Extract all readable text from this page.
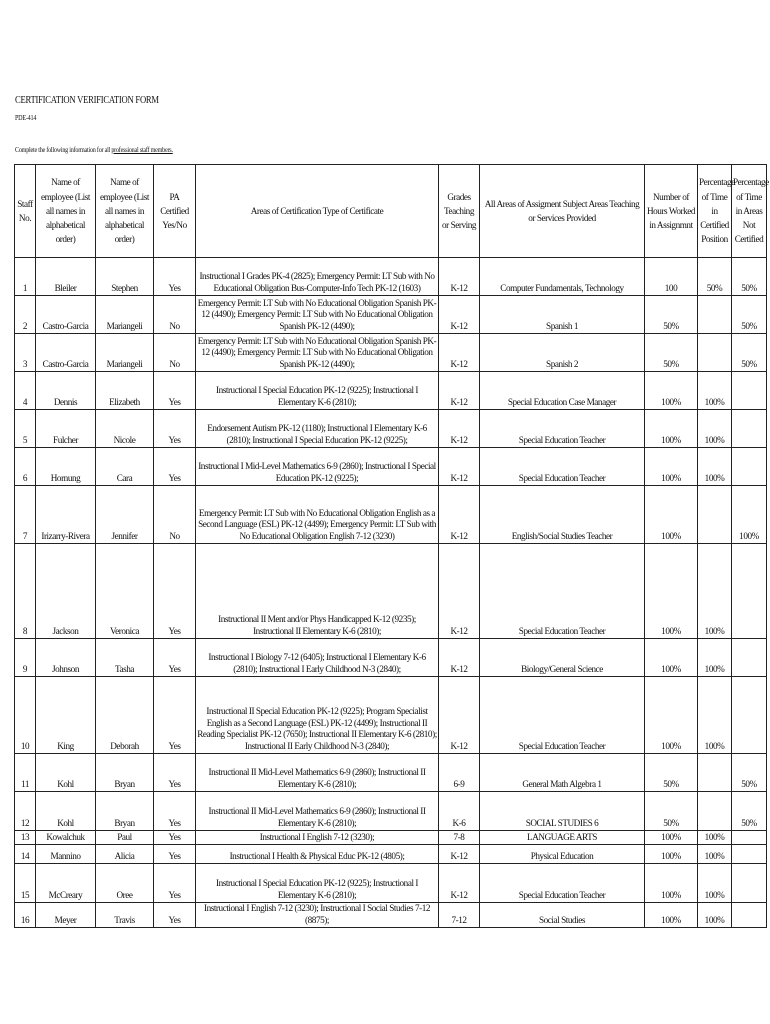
CERTIFICATION VERIFICATION FORM
PDE-414
Complete the following information for all professional staff members.
Staff No.	Name of employee (List all names in alphabetical order)	Name of employee (List all names in alphabetical order)	PA Certified Yes/No	Areas of Certification Type of Certificate	Grades Teaching or Serving	All Areas of Assigment Subject Areas Teaching or Services Provided	Number of Hours Worked in Assignmnt	Percentage of Time in Certified Position	Percentage of Time in Areas Not Certified
1	Bleiler	Stephen	Yes	Instructional I Grades PK-4 (2825); Emergency Permit: LT Sub with No Educational Obligation Bus-Computer-Info Tech PK-12 (1603)	K-12	Computer Fundamentals, Technology	100	50%	50%
2	Castro-Garcia	Mariangeli	No	Emergency Permit: LT Sub with No Educational Obligation Spanish PK-12 (4490); Emergency Permit: LT Sub with No Educational Obligation Spanish PK-12 (4490);	K-12	Spanish 1	50%		50%
3	Castro-Garcia	Mariangeli	No	Emergency Permit: LT Sub with No Educational Obligation Spanish PK-12 (4490); Emergency Permit: LT Sub with No Educational Obligation Spanish PK-12 (4490);	K-12	Spanish 2	50%		50%
4	Dennis	Elizabeth	Yes	Instructional I Special Education PK-12 (9225); Instructional I Elementary K-6 (2810);	K-12	Special Education Case Manager	100%	100%	
5	Fulcher	Nicole	Yes	Endorsement Autism PK-12 (1180); Instructional I Elementary K-6 (2810); Instructional I Special Education PK-12 (9225);	K-12	Special Education Teacher	100%	100%	
6	Hornung	Cara	Yes	Instructional I Mid-Level Mathematics 6-9 (2860); Instructional I Special Education PK-12 (9225);	K-12	Special Education Teacher	100%	100%	
7	Irizarry-Rivera	Jennifer	No	Emergency Permit: LT Sub with No Educational Obligation English as a Second Language (ESL) PK-12 (4499); Emergency Permit: LT Sub with No Educational Obligation English 7-12 (3230)	K-12	English/Social Studies Teacher	100%		100%
8	Jackson	Veronica	Yes	Instructional II Ment and/or Phys Handicapped K-12 (9235); Instructional II Elementary K-6 (2810);	K-12	Special Education Teacher	100%	100%	
9	Johnson	Tasha	Yes	Instructional I Biology 7-12 (6405); Instructional I Elementary K-6 (2810); Instructional I Early Childhood N-3 (2840);	K-12	Biology/General Science	100%	100%	
10	King	Deborah	Yes	Instructional II Special Education PK-12 (9225); Program Specialist English as a Second Language (ESL) PK-12 (4499); Instructional II Reading Specialist PK-12 (7650); Instructional II Elementary K-6 (2810); Instructional II Early Childhood N-3 (2840);	K-12	Special Education Teacher	100%	100%	
11	Kohl	Bryan	Yes	Instructional II Mid-Level Mathematics 6-9 (2860); Instructional II Elementary K-6 (2810);	6-9	General Math Algebra 1	50%		50%
12	Kohl	Bryan	Yes	Instructional II Mid-Level Mathematics 6-9 (2860); Instructional II Elementary K-6 (2810);	K-6	SOCIAL STUDIES 6	50%		50%
13	Kowalchuk	Paul	Yes	Instructional I English 7-12 (3230);	7-8	LANGUAGE ARTS	100%	100%	
14	Mannino	Alicia	Yes	Instructional I Health & Physical Educ PK-12 (4805);	K-12	Physical Education	100%	100%	
15	McCreary	Oree	Yes	Instructional I Special Education PK-12 (9225); Instructional I Elementary K-6 (2810);	K-12	Special Education Teacher	100%	100%	
16	Meyer	Travis	Yes	Instructional I English 7-12 (3230); Instructional I Social Studies 7-12 (8875);	7-12	Social Studies	100%	100%	
